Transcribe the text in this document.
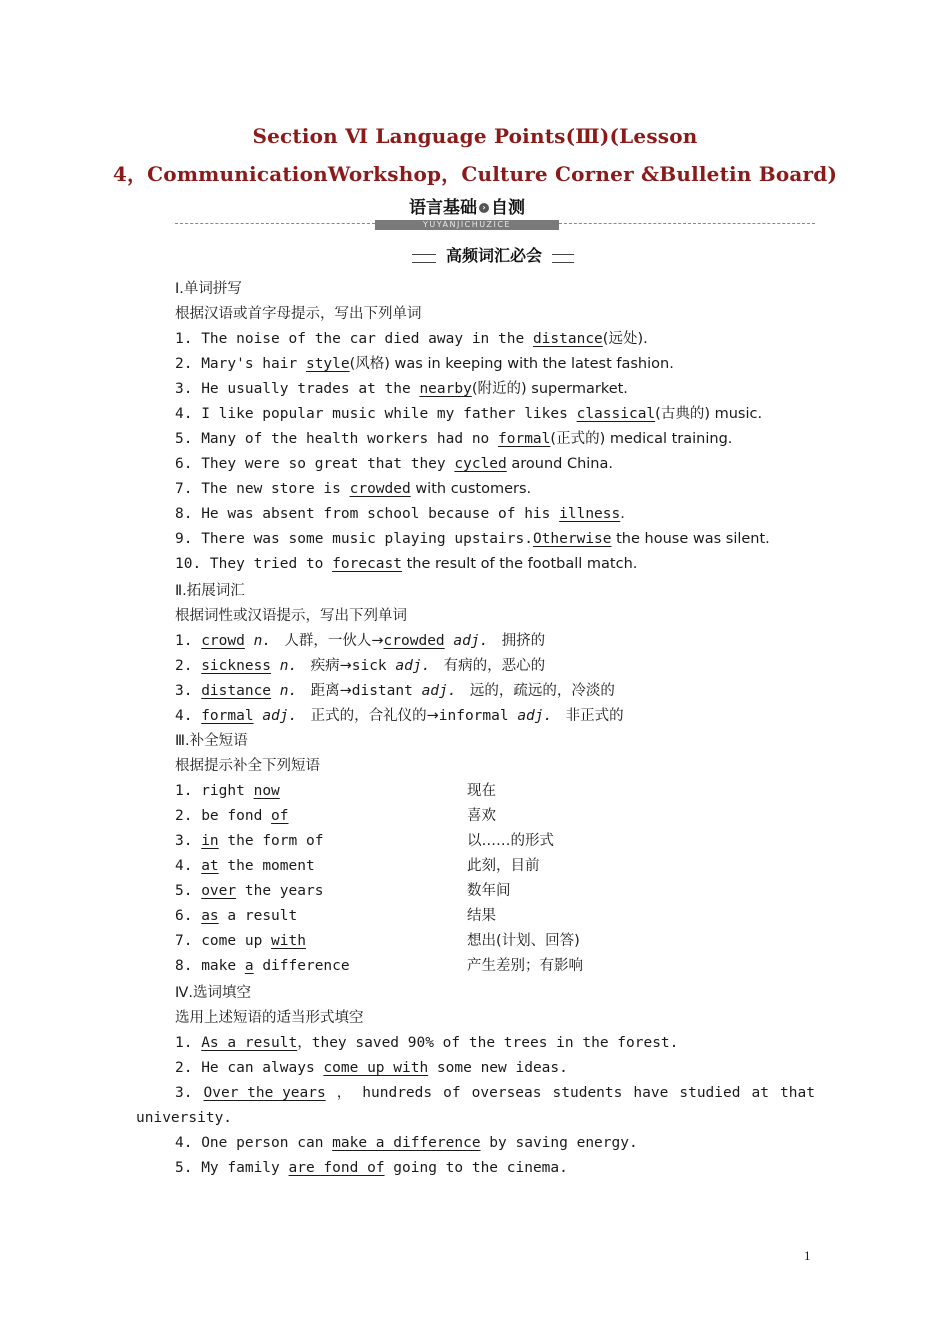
Section Ⅵ Language Points(Ⅲ)(Lesson
4，CommunicationWorkshop，Culture Corner &Bulletin Board)
语言基础 › 自测
YUYANJICHUZICE
高频词汇必会
Ⅰ.单词拼写
根据汉语或首字母提示，写出下列单词
1. The noise of the car died away in the distance(远处).
2. Mary's hair style(风格) was in keeping with the latest fashion.
3. He usually trades at the nearby(附近的) supermarket.
4. I like popular music while my father likes classical(古典的) music.
5. Many of the health workers had no formal(正式的) medical training.
6. They were so great that they cycled around China.
7. The new store is crowded with customers.
8. He was absent from school because of his illness.
9. There was some music playing upstairs.Otherwise the house was silent.
10. They tried to forecast the result of the football match.
Ⅱ.拓展词汇
根据词性或汉语提示，写出下列单词
1. crowd n.  人群，一伙人→crowded adj.  拥挤的
2. sickness n.  疾病→sick adj.  有病的，恶心的
3. distance n.  距离→distant adj.  远的，疏远的，冷淡的
4. formal adj.  正式的，合礼仪的→informal adj.  非正式的
Ⅲ.补全短语
根据提示补全下列短语
1. right now	现在
2. be fond of	喜欢
3. in the form of	以……的形式
4. at the moment	此刻，目前
5. over the years	数年间
6. as a result	结果
7. come up with	想出(计划、回答)
8. make a difference	产生差别；有影响
Ⅳ.选词填空
选用上述短语的适当形式填空
1. As a result，they saved 90% of the trees in the forest.
2. He can always come up with some new ideas.
3. Over the years ， hundreds of overseas students have studied at that
university.
4. One person can make a difference by saving energy.
5. My family are fond of going to the cinema.
1
